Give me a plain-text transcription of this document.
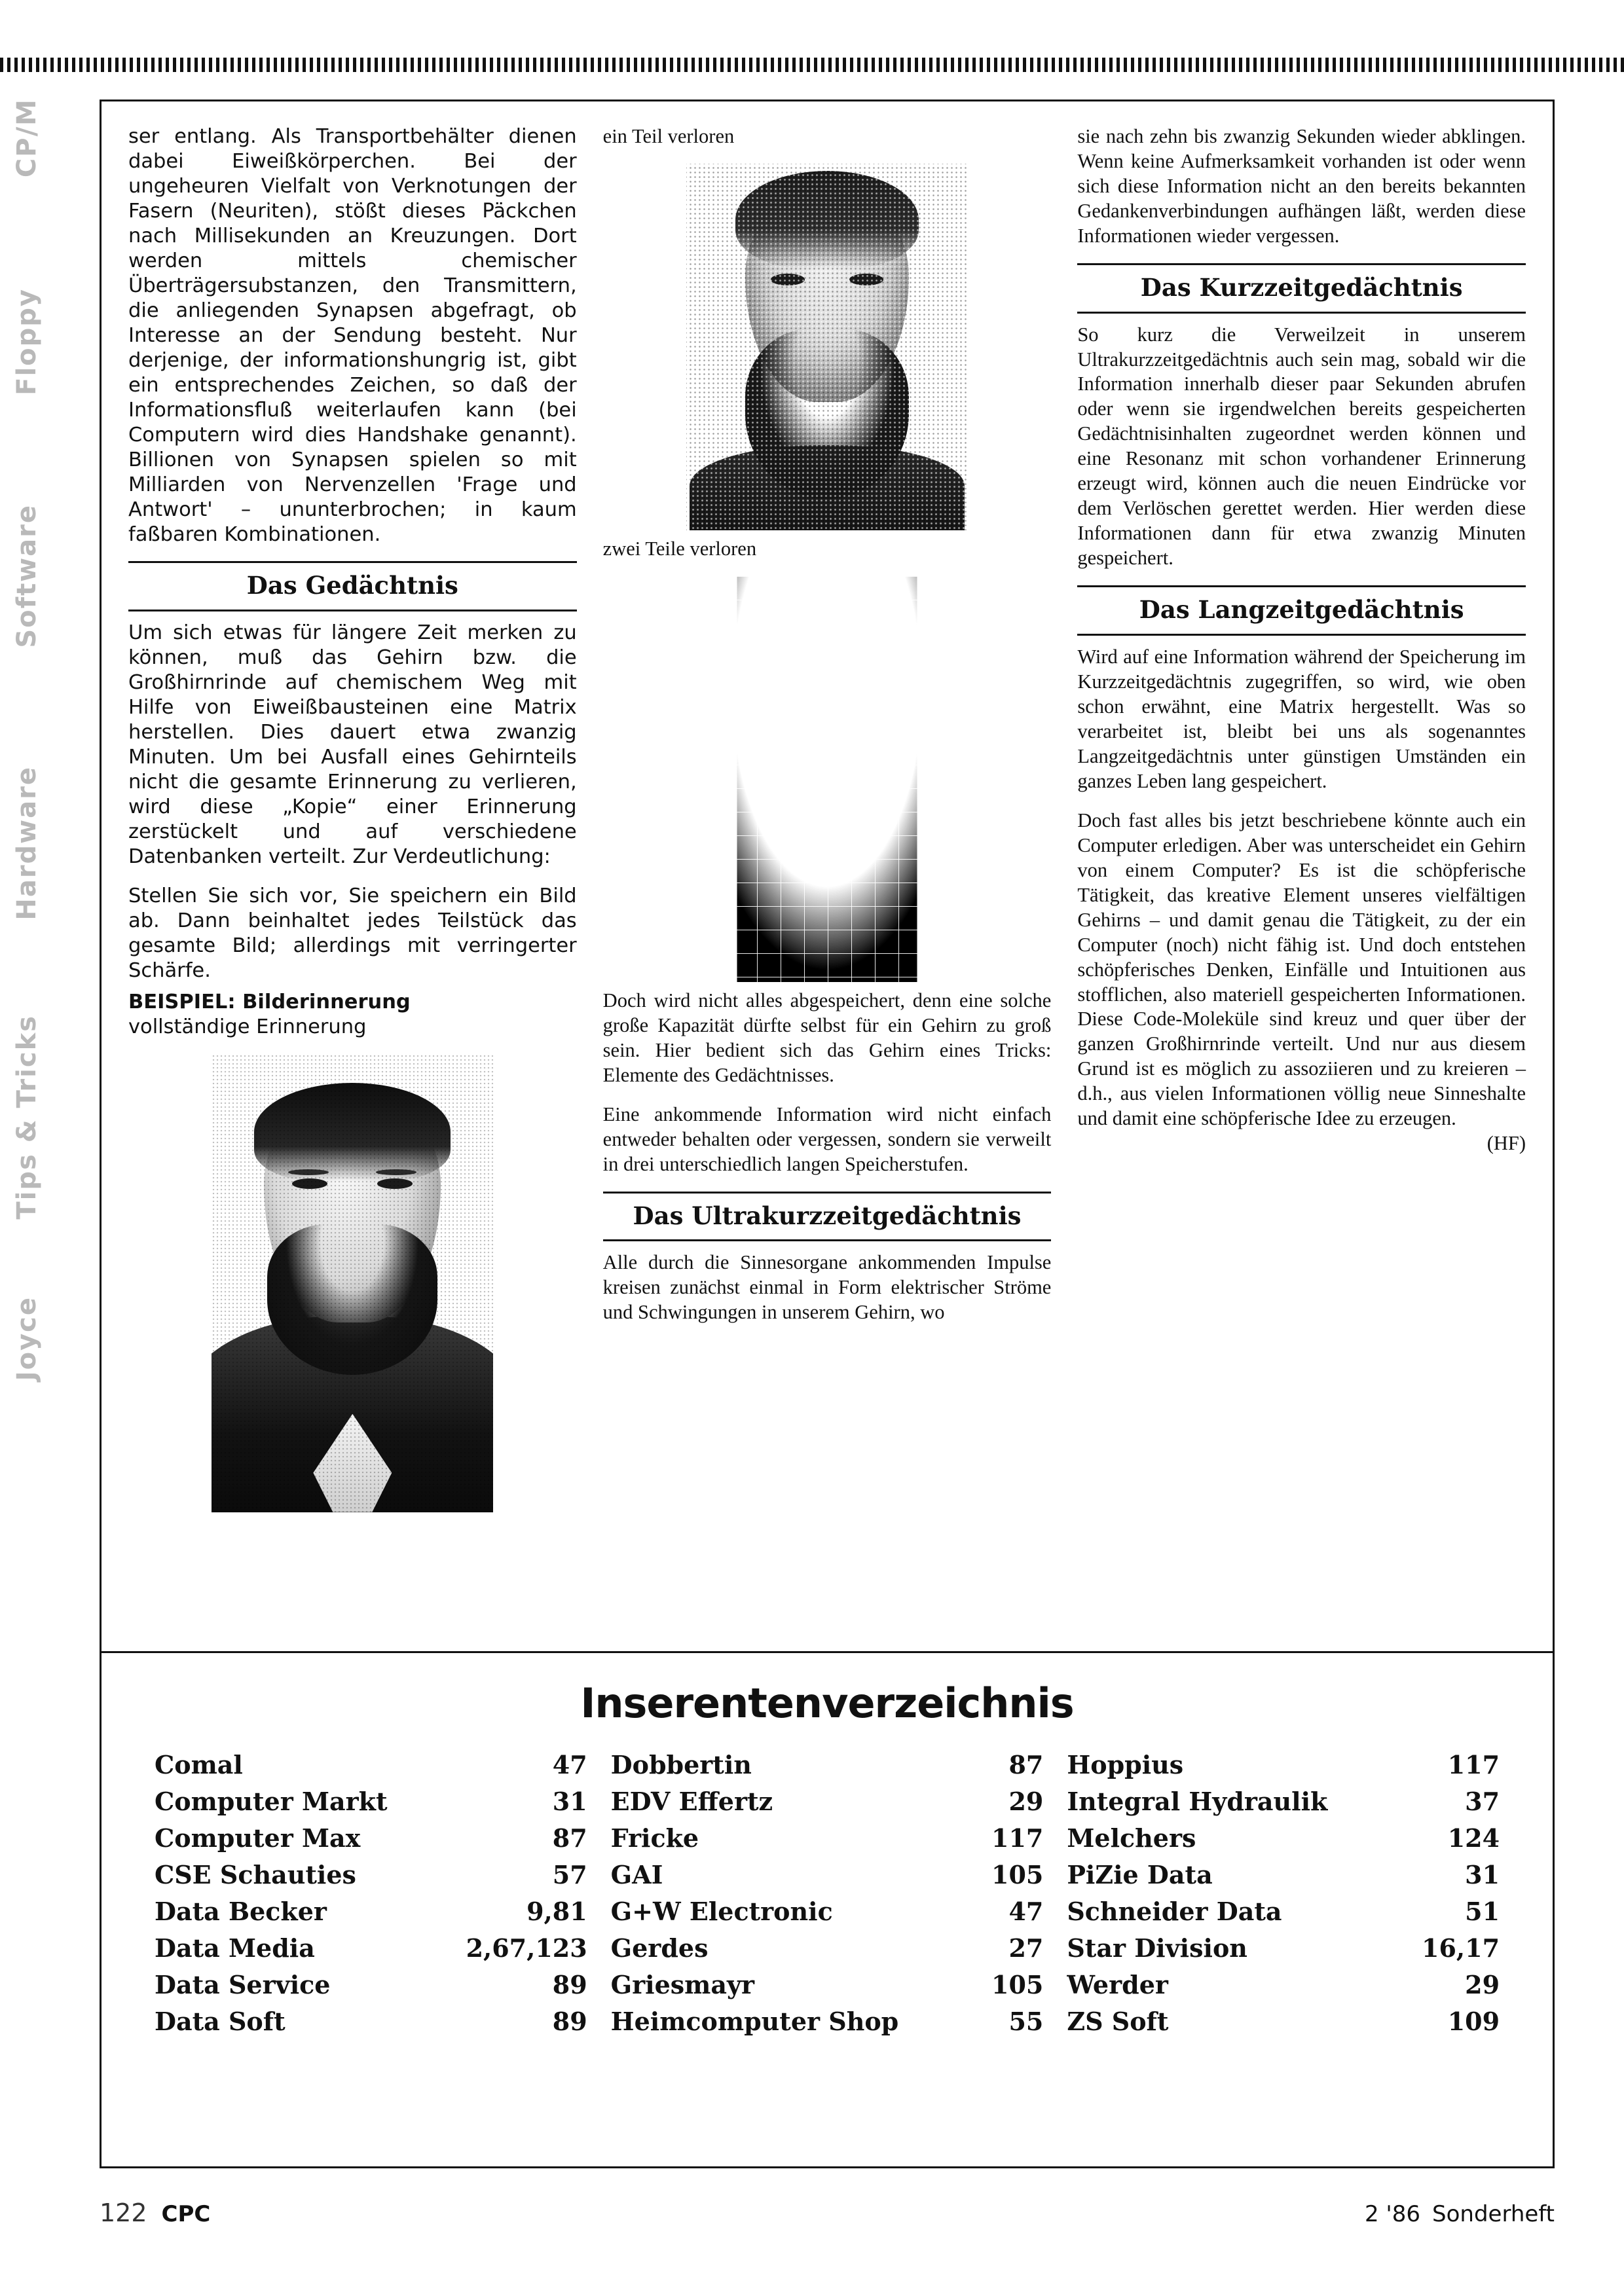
CP/M
Floppy
Software
Hardware
Tips & Tricks
Joyce

ser entlang. Als Transportbehälter dienen dabei Eiweißkörperchen. Bei der ungeheuren Vielfalt von Verknotungen der Fasern (Neuriten), stößt dieses Päckchen nach Millisekunden an Kreuzungen. Dort werden mittels chemischer Überträgersubstanzen, den Transmittern, die anliegenden Synapsen abgefragt, ob Interesse an der Sendung besteht. Nur derjenige, der informationshungrig ist, gibt ein entsprechendes Zeichen, so daß der Informationsfluß weiterlaufen kann (bei Computern wird dies Handshake genannt). Billionen von Synapsen spielen so mit Milliarden von Nervenzellen 'Frage und Antwort' – ununterbrochen; in kaum faßbaren Kombinationen.

Das Gedächtnis

Um sich etwas für längere Zeit merken zu können, muß das Gehirn bzw. die Großhirnrinde auf chemischem Weg mit Hilfe von Eiweißbausteinen eine Matrix herstellen. Dies dauert etwa zwanzig Minuten. Um bei Ausfall eines Gehirnteils nicht die gesamte Erinnerung zu verlieren, wird diese „Kopie“ einer Erinnerung zerstückelt und auf verschiedene Datenbanken verteilt. Zur Verdeutlichung:

Stellen Sie sich vor, Sie speichern ein Bild ab. Dann beinhaltet jedes Teilstück das gesamte Bild; allerdings mit verringerter Schärfe.

BEISPIEL: Bilderinnerung

vollständige Erinnerung

ein Teil verloren

zwei Teile verloren

Doch wird nicht alles abgespeichert, denn eine solche große Kapazität dürfte selbst für ein Gehirn zu groß sein. Hier bedient sich das Gehirn eines Tricks: Elemente des Gedächtnisses.

Eine ankommende Information wird nicht einfach entweder behalten oder vergessen, sondern sie verweilt in drei unterschiedlich langen Speicherstufen.

Das Ultrakurzzeitgedächtnis

Alle durch die Sinnesorgane ankommenden Impulse kreisen zunächst einmal in Form elektrischer Ströme und Schwingungen in unserem Gehirn, wo

sie nach zehn bis zwanzig Sekunden wieder abklingen. Wenn keine Aufmerksamkeit vorhanden ist oder wenn sich diese Information nicht an den bereits bekannten Gedankenverbindungen aufhängen läßt, werden diese Informationen wieder vergessen.

Das Kurzzeitgedächtnis

So kurz die Verweilzeit in unserem Ultrakurzzeitgedächtnis auch sein mag, sobald wir die Information innerhalb dieser paar Sekunden abrufen oder wenn sie irgendwelchen bereits gespeicherten Gedächtnisinhalten zugeordnet werden können und eine Resonanz mit schon vorhandener Erinnerung erzeugt wird, können auch die neuen Eindrücke vor dem Verlöschen gerettet werden. Hier werden diese Informationen dann für etwa zwanzig Minuten gespeichert.

Das Langzeitgedächtnis

Wird auf eine Information während der Speicherung im Kurzzeitgedächtnis zugegriffen, so wird, wie oben schon erwähnt, eine Matrix hergestellt. Was so verarbeitet ist, bleibt bei uns als sogenanntes Langzeitgedächtnis unter günstigen Umständen ein ganzes Leben lang gespeichert.

Doch fast alles bis jetzt beschriebene könnte auch ein Computer erledigen. Aber was unterscheidet ein Gehirn von einem Computer? Es ist die schöpferische Tätigkeit, das kreative Element unseres vielfältigen Gehirns – und damit genau die Tätigkeit, zu der ein Computer (noch) nicht fähig ist. Und doch entstehen schöpferisches Denken, Einfälle und Intuitionen aus stofflichen, also materiell gespeicherten Informationen. Diese Code-Moleküle sind kreuz und quer über der ganzen Großhirnrinde verteilt. Und nur aus diesem Grund ist es möglich zu assoziieren und zu kreieren – d.h., aus vielen Informationen völlig neue Sinneshalte und damit eine schöpferische Idee zu erzeugen.

(HF)

Inserentenverzeichnis
Comal	47
Computer Markt	31
Computer Max	87
CSE Schauties	57
Data Becker	9,81
Data Media	2,67,123
Data Service	89
Data Soft	89
Dobbertin	87
EDV Effertz	29
Fricke	117
GAI	105
G+W Electronic	47
Gerdes	27
Griesmayr	105
Heimcomputer Shop	55
Hoppius	117
Integral Hydraulik	37
Melchers	124
PiZie Data	31
Schneider Data	51
Star Division	16,17
Werder	29
ZS Soft	109
122 CPC	2 '86 Sonderheft
